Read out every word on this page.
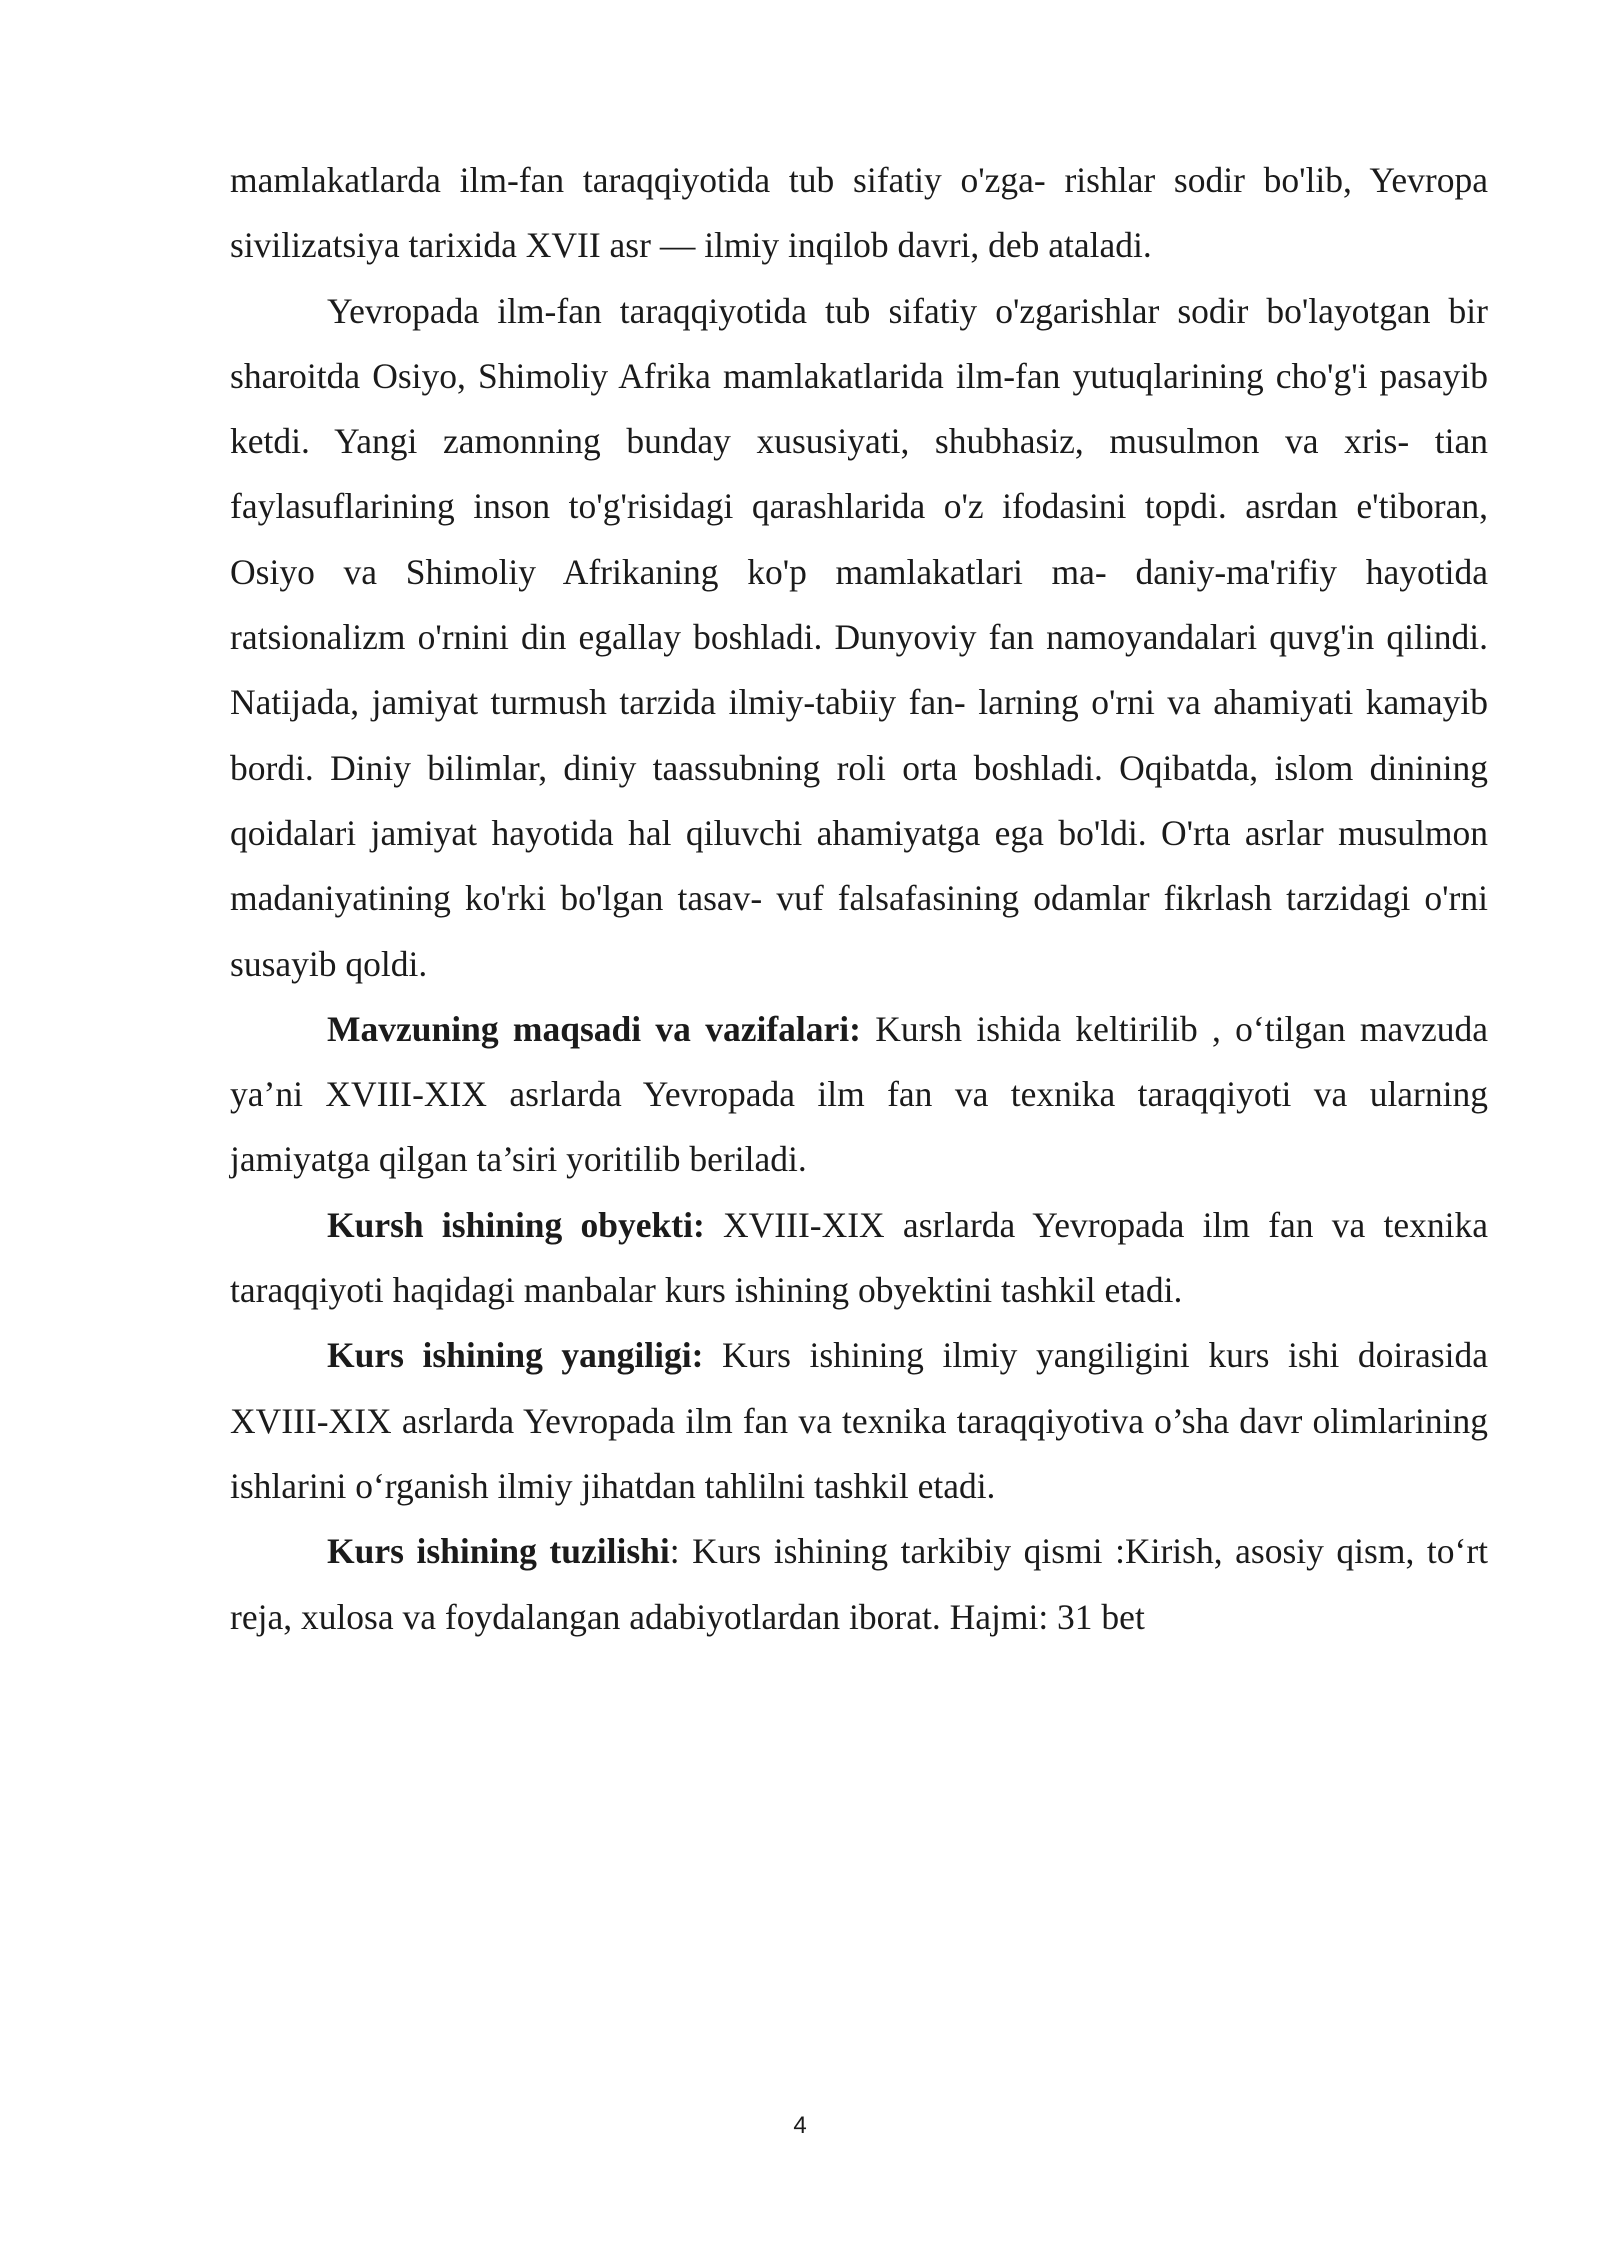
mamlakatlarda ilm-fan taraqqiyotida tub sifatiy o'zga- rishlar sodir bo'lib, Yevropa sivilizatsiya tarixida XVII asr — ilmiy inqilob davri, deb ataladi.

Yevropada ilm-fan taraqqiyotida tub sifatiy o'zgarishlar sodir bo'layotgan bir sharoitda Osiyo, Shimoliy Afrika mamlakatlarida ilm-fan yutuqlarining cho'g'i pasayib ketdi. Yangi zamonning bunday xususiyati, shubhasiz, musulmon va xris- tian faylasuflarining inson to'g'risidagi qarashlarida o'z ifodasini topdi. asrdan e'tiboran, Osiyo va Shimoliy Afrikaning ko'p mamlakatlari ma- daniy-ma'rifiy hayotida ratsionalizm o'rnini din egallay boshladi. Dunyoviy fan namoyandalari quvg'in qilindi. Natijada, jamiyat turmush tarzida ilmiy-tabiiy fan- larning o'rni va ahamiyati kamayib bordi. Diniy bilimlar, diniy taassubning roli orta boshladi. Oqibatda, islom dinining qoidalari jamiyat hayotida hal qiluvchi ahamiyatga ega bo'ldi. O'rta asrlar musulmon madaniyatining ko'rki bo'lgan tasav- vuf falsafasining odamlar fikrlash tarzidagi o'rni susayib qoldi.

Mavzuning maqsadi va vazifalari: Kursh ishida keltirilib , o‘tilgan mavzuda ya’ni XVIII-XIX asrlarda Yevropada ilm fan va texnika taraqqiyoti va ularning jamiyatga qilgan ta’siri yoritilib beriladi.

Kursh ishining obyekti: XVIII-XIX asrlarda Yevropada ilm fan va texnika taraqqiyoti haqidagi manbalar kurs ishining obyektini tashkil etadi.

Kurs ishining yangiligi: Kurs ishining ilmiy yangiligini kurs ishi doirasida XVIII-XIX asrlarda Yevropada ilm fan va texnika taraqqiyotiva o’sha davr olimlarining ishlarini o‘rganish ilmiy jihatdan tahlilni tashkil etadi.

Kurs ishining tuzilishi: Kurs ishining tarkibiy qismi :Kirish, asosiy qism, to‘rt reja, xulosa va foydalangan adabiyotlardan iborat. Hajmi: 31 bet

4
